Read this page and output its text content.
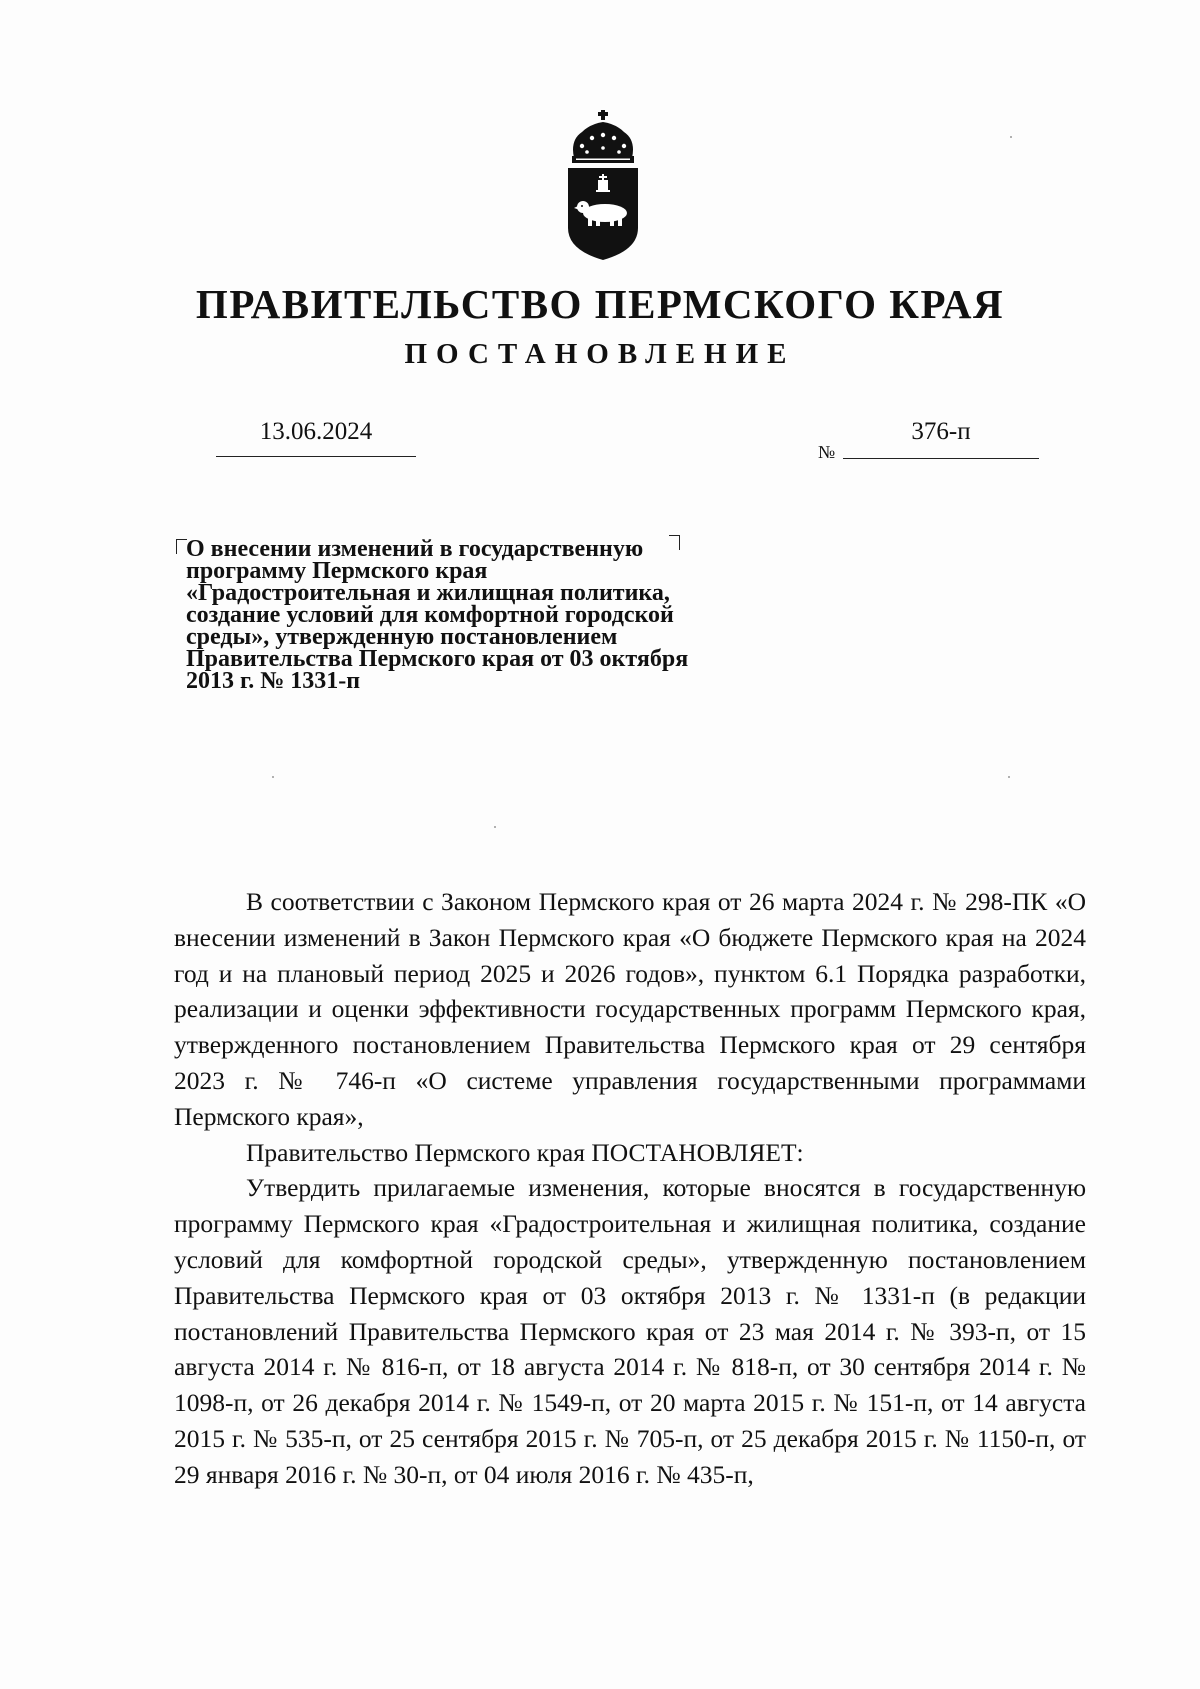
ПРАВИТЕЛЬСТВО ПЕРМСКОГО КРАЯ
ПОСТАНОВЛЕНИЕ
13.06.2024
№
376-п
О внесении изменений в государственную
программу Пермского края
«Градостроительная и жилищная политика,
создание условий для комфортной городской
среды», утвержденную постановлением
Правительства Пермского края от 03 октября
2013 г. № 1331-п

В соответствии с Законом Пермского края от 26 марта 2024 г. № 298-ПК «О внесении изменений в Закон Пермского края «О бюджете Пермского края на 2024 год и на плановый период 2025 и 2026 годов», пунктом 6.1 Порядка разработки, реализации и оценки эффективности государственных программ Пермского края, утвержденного постановлением Правительства Пермского края от 29 сентября 2023 г. № 746-п «О системе управления государственными программами Пермского края»,

Правительство Пермского края ПОСТАНОВЛЯЕТ:

Утвердить прилагаемые изменения, которые вносятся в государственную программу Пермского края «Градостроительная и жилищная политика, создание условий для комфортной городской среды», утвержденную постановлением Правительства Пермского края от 03 октября 2013 г. № 1331-п (в редакции постановлений Правительства Пермского края от 23 мая 2014 г. № 393-п, от 15 августа 2014 г. № 816-п, от 18 августа 2014 г. № 818-п, от 30 сентября 2014 г. № 1098-п, от 26 декабря 2014 г. № 1549-п, от 20 марта 2015 г. № 151-п, от 14 августа 2015 г. № 535-п, от 25 сентября 2015 г. № 705-п, от 25 декабря 2015 г. № 1150-п, от 29 января 2016 г. № 30-п, от 04 июля 2016 г. № 435-п,
